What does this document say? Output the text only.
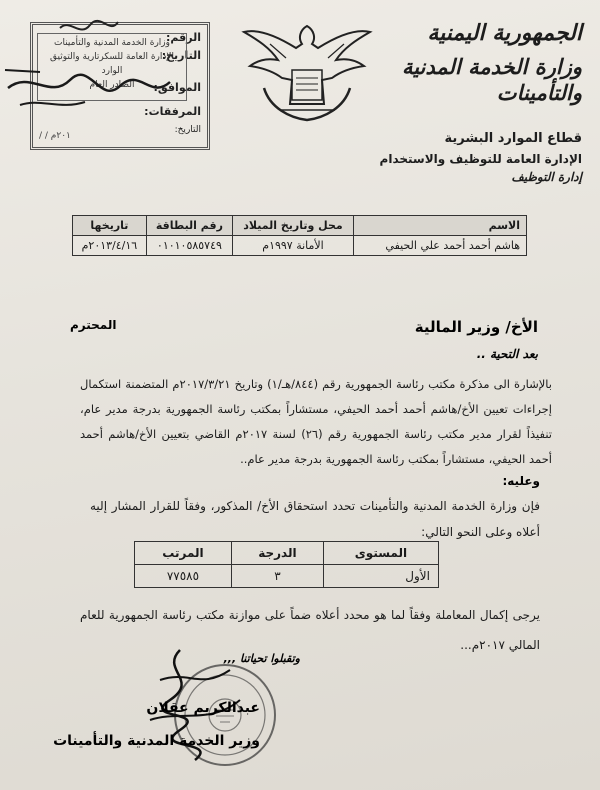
الرقم:
التاريخ:
الموافق:
المرفقات:
التاريخ:
وزارة الخدمة المدنية والتأمينات
الإدارة العامة للسكرتارية والتوثيق
الوارد
الصادر العام
/ / ٢٠١م
الجمهورية اليمنية
وزارة الخدمة المدنية والتأمينات
قطاع الموارد البشرية
الإدارة العامة للتوظيف والاستخدام
إدارة التوظيف
الاسم	محل وتاريخ الميلاد	رقم البطاقة	تاريخها
هاشم أحمد أحمد علي الحيفي	الأمانة ١٩٩٧م	٠١٠١٠٥٨٥٧٤٩	٢٠١٣/٤/١٦م
الأخ/ وزير المالية
المحترم
بعد التحية ..
بالإشارة الى مذكرة مكتب رئاسة الجمهورية رقم (٨٤٤/هـ/١) وتاريخ ٢٠١٧/٣/٢١م المتضمنة استكمال إجراءات تعيين الأخ/هاشم أحمد أحمد الحيفي، مستشاراً بمكتب رئاسة الجمهورية بدرجة مدير عام، تنفيذاً لقرار مدير مكتب رئاسة الجمهورية رقم (٢٦) لسنة ٢٠١٧م القاضي بتعيين الأخ/هاشم أحمد أحمد الحيفي، مستشاراً بمكتب رئاسة الجمهورية بدرجة مدير عام..
وعليه:
فإن وزارة الخدمة المدنية والتأمينات تحدد استحقاق الأخ/ المذكور، وفقاً للقرار المشار إليه أعلاه وعلى النحو التالي:
المستوى	الدرجة	المرتب
الأول	٣	٧٧٥٨٥
يرجى إكمال المعاملة وفقاً لما هو محدد أعلاه ضماً على موازنة مكتب رئاسة الجمهورية للعام المالي ٢٠١٧م...
وتقبلوا تحياتنا ,,,
عبدالكريم عقلان
وزير الخدمة المدنية والتأمينات
